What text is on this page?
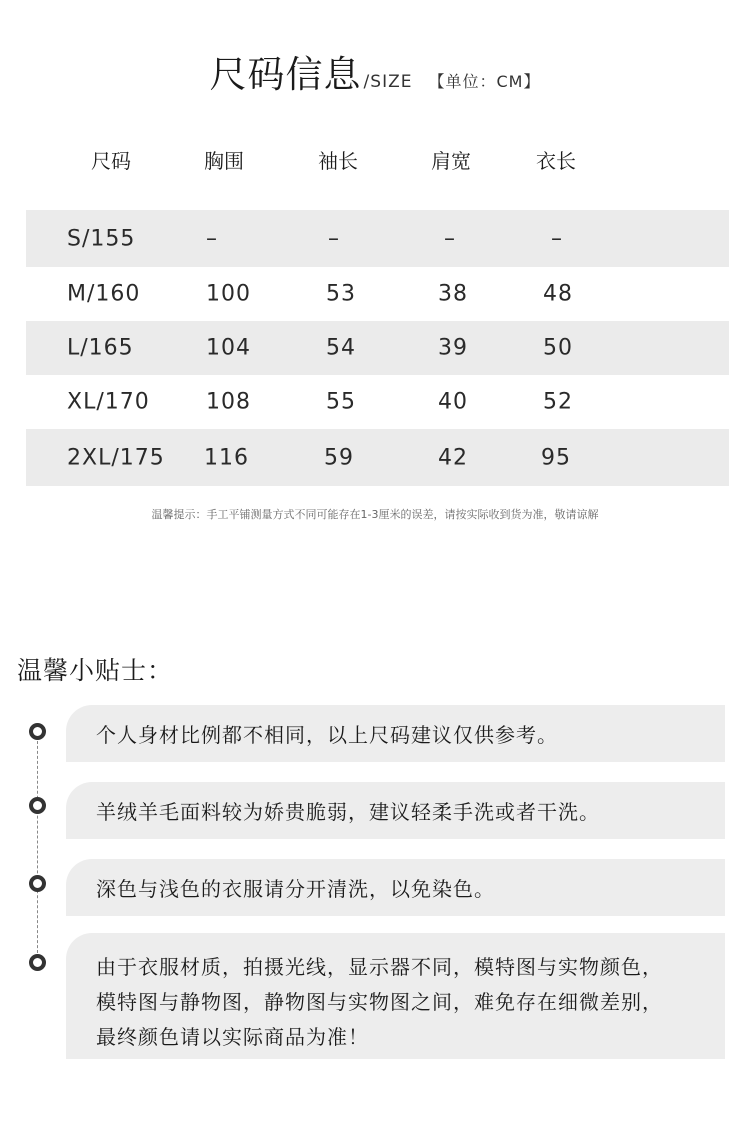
尺码信息 /SIZE 【单位：CM】
尺码	胸围	袖长	肩宽	衣长
S/155	–	–	–	–
M/160	100	53	38	48
L/165	104	54	39	50
XL/170	108	55	40	52
2XL/175 116	59	42	95
温馨提示：手工平铺测量方式不同可能存在1-3厘米的误差，请按实际收到货为准，敬请谅解
温馨小贴士：
个人身材比例都不相同，以上尺码建议仅供参考。
羊绒羊毛面料较为娇贵脆弱，建议轻柔手洗或者干洗。
深色与浅色的衣服请分开清洗，以免染色。
由于衣服材质，拍摄光线，显示器不同，模特图与实物颜色，
模特图与静物图，静物图与实物图之间，难免存在细微差别，
最终颜色请以实际商品为准！
